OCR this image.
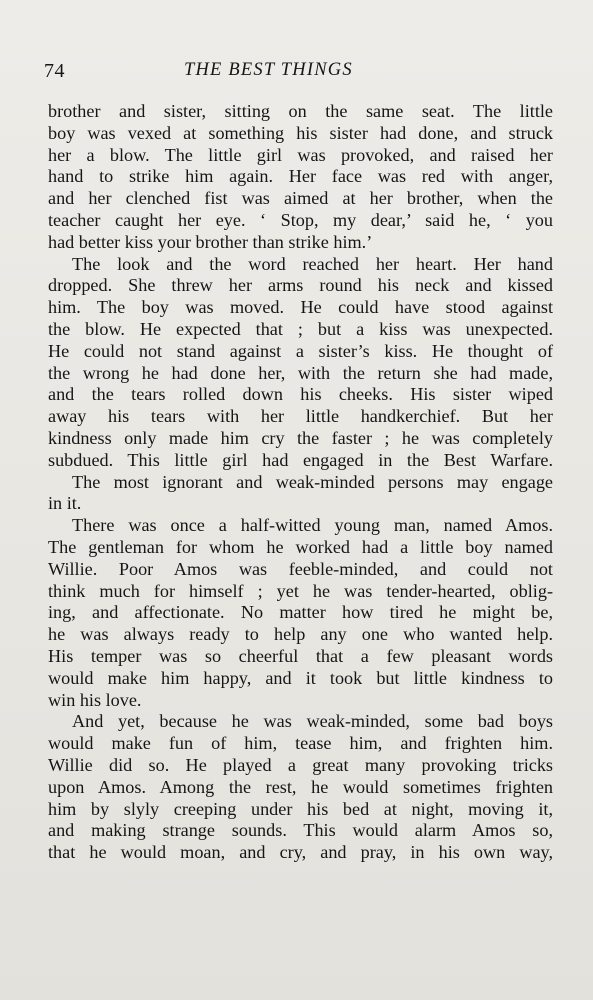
74	THE BEST THINGS
brother and sister, sitting on the same seat. The little
boy was vexed at something his sister had done, and struck
her a blow. The little girl was provoked, and raised her
hand to strike him again. Her face was red with anger,
and her clenched fist was aimed at her brother, when the
teacher caught her eye. ‘ Stop, my dear,’ said he, ‘ you
had better kiss your brother than strike him.’
The look and the word reached her heart. Her hand
dropped. She threw her arms round his neck and kissed
him. The boy was moved. He could have stood against
the blow. He expected that ; but a kiss was unexpected.
He could not stand against a sister’s kiss. He thought of
the wrong he had done her, with the return she had made,
and the tears rolled down his cheeks. His sister wiped
away his tears with her little handkerchief. But her
kindness only made him cry the faster ; he was completely
subdued. This little girl had engaged in the Best Warfare.
The most ignorant and weak-minded persons may engage
in it.
There was once a half-witted young man, named Amos.
The gentleman for whom he worked had a little boy named
Willie. Poor Amos was feeble-minded, and could not
think much for himself ; yet he was tender-hearted, oblig-
ing, and affectionate. No matter how tired he might be,
he was always ready to help any one who wanted help.
His temper was so cheerful that a few pleasant words
would make him happy, and it took but little kindness to
win his love.
And yet, because he was weak-minded, some bad boys
would make fun of him, tease him, and frighten him.
Willie did so. He played a great many provoking tricks
upon Amos. Among the rest, he would sometimes frighten
him by slyly creeping under his bed at night, moving it,
and making strange sounds. This would alarm Amos so,
that he would moan, and cry, and pray, in his own way,
